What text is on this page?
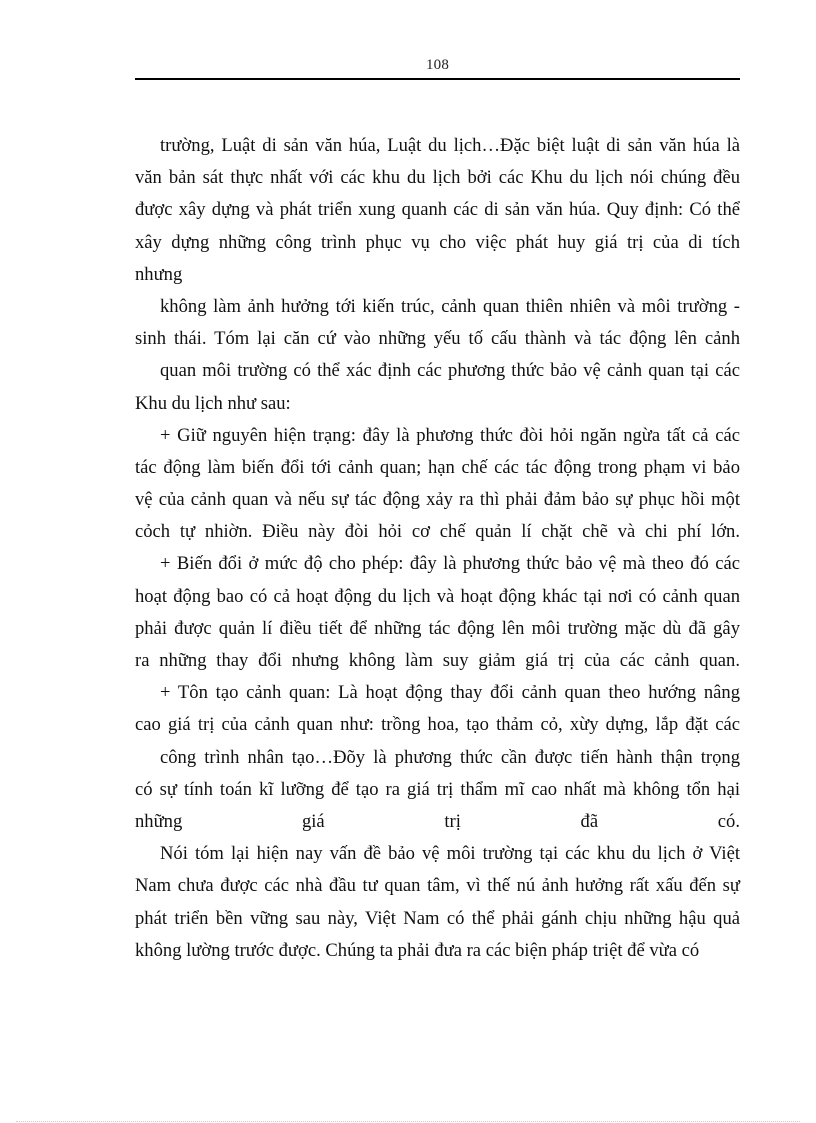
108
trường, Luật di sản văn húa, Luật du lịch…Đặc biệt luật di sản văn húa là
văn bản sát thực nhất với các khu du lịch bởi các Khu du lịch nói chúng đều
được xây dựng và phát triển xung quanh các di sản văn húa. Quy định: Có thể
xây dựng những công trình phục vụ cho việc phát huy giá trị của di tích
nhưng
không làm ảnh hưởng tới kiến trúc, cảnh quan thiên nhiên và môi trường -
sinh thái. Tóm lại căn cứ vào những yếu tố cấu thành và tác động lên cảnh
quan môi trường có thể xác định các phương thức bảo vệ cảnh quan tại các
Khu du lịch như sau:
+ Giữ nguyên hiện trạng: đây là phương thức đòi hỏi ngăn ngừa tất cả các
tác động làm biến đổi tới cảnh quan; hạn chế các tác động trong phạm vi bảo
vệ của cảnh quan và nếu sự tác động xảy ra thì phải đảm bảo sự phục hồi một
cỏch tự nhiờn. Điều này đòi hỏi cơ chế quản lí chặt chẽ và chi phí lớn.
+ Biến đổi ở mức độ cho phép: đây là phương thức bảo vệ mà theo đó các
hoạt động bao có cả hoạt động du lịch và hoạt động khác tại nơi có cảnh quan
phải được quản lí điều tiết để những tác động lên môi trường mặc dù đã gây
ra những thay đổi nhưng không làm suy giảm giá trị của các cảnh quan.
+ Tôn tạo cảnh quan: Là hoạt động thay đổi cảnh quan theo hướng nâng
cao giá trị của cảnh quan như: trồng hoa, tạo thảm cỏ, xừy dựng, lắp đặt các
công trình nhân tạo…Đõy là phương thức cần được tiến hành thận trọng
có sự tính toán kĩ lưỡng để tạo ra giá trị thẩm mĩ cao nhất mà không tổn hại
những giá trị đã có.
Nói tóm lại hiện nay vấn đề bảo vệ môi trường tại các khu du lịch ở Việt
Nam chưa được các nhà đầu tư quan tâm, vì thế nú ảnh hưởng rất xấu đến sự
phát triển bền vững sau này, Việt Nam có thể phải gánh chịu những hậu quả
không lường trước được. Chúng ta phải đưa ra các biện pháp triệt để vừa có
